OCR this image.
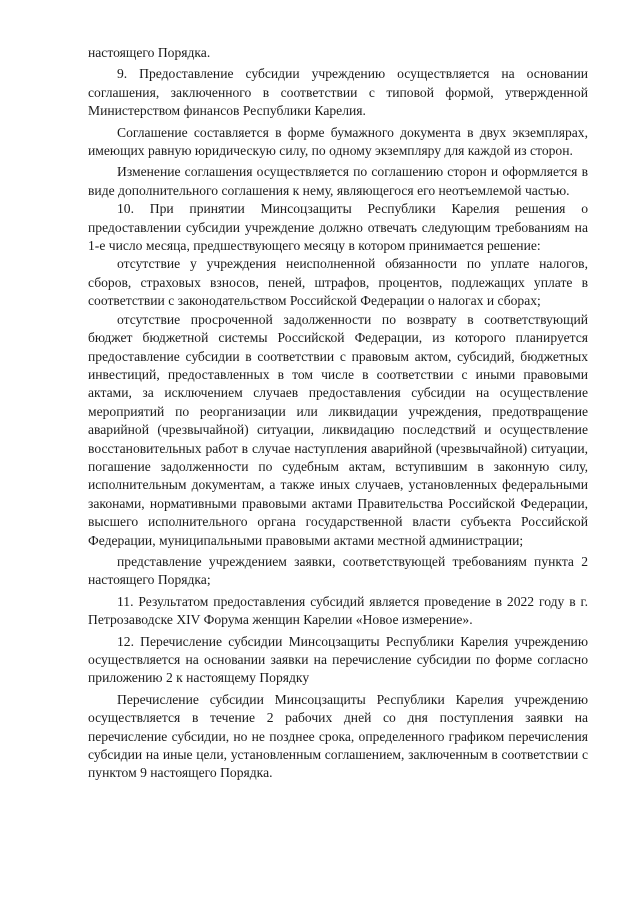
настоящего Порядка.

9. Предоставление субсидии учреждению осуществляется на основании соглашения, заключенного в соответствии с типовой формой, утвержденной Министерством финансов Республики Карелия.

Соглашение составляется в форме бумажного документа в двух экземплярах, имеющих равную юридическую силу, по одному экземпляру для каждой из сторон.

Изменение соглашения осуществляется по соглашению сторон и оформляется в виде дополнительного соглашения к нему, являющегося его неотъемлемой частью.

10. При принятии Минсоцзащиты Республики Карелия решения о предоставлении субсидии учреждение должно отвечать следующим требованиям на 1-е число месяца, предшествующего месяцу в котором принимается решение:

отсутствие у учреждения неисполненной обязанности по уплате налогов, сборов, страховых взносов, пеней, штрафов, процентов, подлежащих уплате в соответствии с законодательством Российской Федерации о налогах и сборах;

отсутствие просроченной задолженности по возврату в соответствующий бюджет бюджетной системы Российской Федерации, из которого планируется предоставление субсидии в соответствии с правовым актом, субсидий, бюджетных инвестиций, предоставленных в том числе в соответствии с иными правовыми актами, за исключением случаев предоставления субсидии на осуществление мероприятий по реорганизации или ликвидации учреждения, предотвращение аварийной (чрезвычайной) ситуации, ликвидацию последствий и осуществление восстановительных работ в случае наступления аварийной (чрезвычайной) ситуации, погашение задолженности по судебным актам, вступившим в законную силу, исполнительным документам, а также иных случаев, установленных федеральными законами, нормативными правовыми актами Правительства Российской Федерации, высшего исполнительного органа государственной власти субъекта Российской Федерации, муниципальными правовыми актами местной администрации;

представление учреждением заявки, соответствующей требованиям пункта 2 настоящего Порядка;

11. Результатом предоставления субсидий является проведение в 2022 году в г. Петрозаводске XIV Форума женщин Карелии «Новое измерение».

12. Перечисление субсидии Минсоцзащиты Республики Карелия учреждению осуществляется на основании заявки на перечисление субсидии по форме согласно приложению 2 к настоящему Порядку

Перечисление субсидии Минсоцзащиты Республики Карелия учреждению осуществляется в течение 2 рабочих дней со дня поступления заявки на перечисление субсидии, но не позднее срока, определенного графиком перечисления субсидии на иные цели, установленным соглашением, заключенным в соответствии с пунктом 9 настоящего Порядка.
